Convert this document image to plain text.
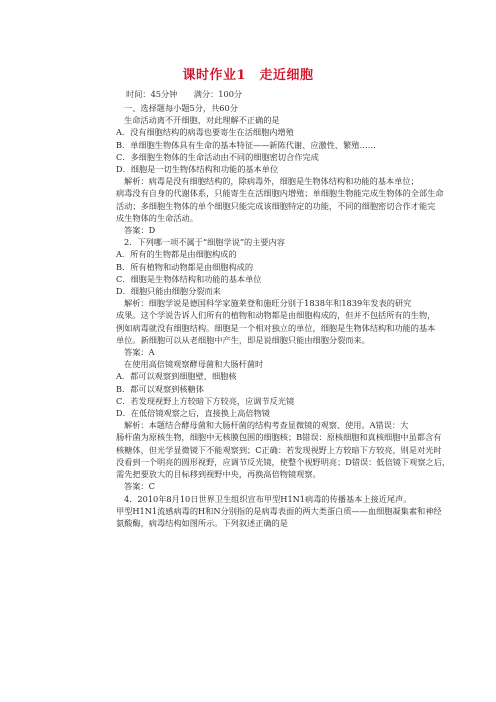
课时作业1　走近细胞
时间：45分钟　　满分：100分
一、选择题每小题5分，共60分
生命活动离不开细胞，对此理解不正确的是
A．没有细胞结构的病毒也要寄生在活细胞内增殖
B．单细胞生物体具有生命的基本特征——新陈代谢、应激性、繁殖……
C．多细胞生物体的生命活动由不同的细胞密切合作完成
D．细胞是一切生物体结构和功能的基本单位
解析：病毒是没有细胞结构的，除病毒外，细胞是生物体结构和功能的基本单位；
病毒没有自身的代谢体系，只能寄生在活细胞内增殖；单细胞生物能完成生物体的全部生命
活动；多细胞生物体的单个细胞只能完成该细胞特定的功能，不同的细胞密切合作才能完
成生物体的生命活动。
答案：D
2．下列哪一项不属于“细胞学说”的主要内容
A．所有的生物都是由细胞构成的
B．所有植物和动物都是由细胞构成的
C．细胞是生物体结构和功能的基本单位
D．细胞只能由细胞分裂而来
解析：细胞学说是德国科学家施莱登和施旺分别于1838年和1839年发表的研究
成果。这个学说告诉人们所有的植物和动物都是由细胞构成的，但并不包括所有的生物，
例如病毒就没有细胞结构。细胞是一个相对独立的单位，细胞是生物体结构和功能的基本
单位。新细胞可以从老细胞中产生，即是说细胞只能由细胞分裂而来。
答案：A
在使用高倍镜观察酵母菌和大肠杆菌时
A．都可以观察到细胞壁、细胞核
B．都可以观察到核糖体
C．若发现视野上方较暗下方较亮，应调节反光镜
D．在低倍镜观察之后，直接换上高倍物镜
解析：本题结合酵母菌和大肠杆菌的结构考查显微镜的观察、使用。A错误：大
肠杆菌为原核生物，细胞中无核膜包围的细胞核；B错误：原核细胞和真核细胞中虽都含有
核糖体，但光学显微镜下不能观察到；C正确：若发现视野上方较暗下方较亮，则是对光时
没看到一个明亮的圆形视野，应调节反光镜，使整个视野明亮；D错误：低倍镜下观察之后，
需先把要放大的目标移到视野中央，再换高倍物镜观察。
答案：C
4．2010年8月10日世界卫生组织宣布甲型H1N1病毒的传播基本上接近尾声。
甲型H1N1流感病毒的H和N分别指的是病毒表面的两大类蛋白质——血细胞凝集素和神经
氨酸酶，病毒结构如图所示。下列叙述正确的是
